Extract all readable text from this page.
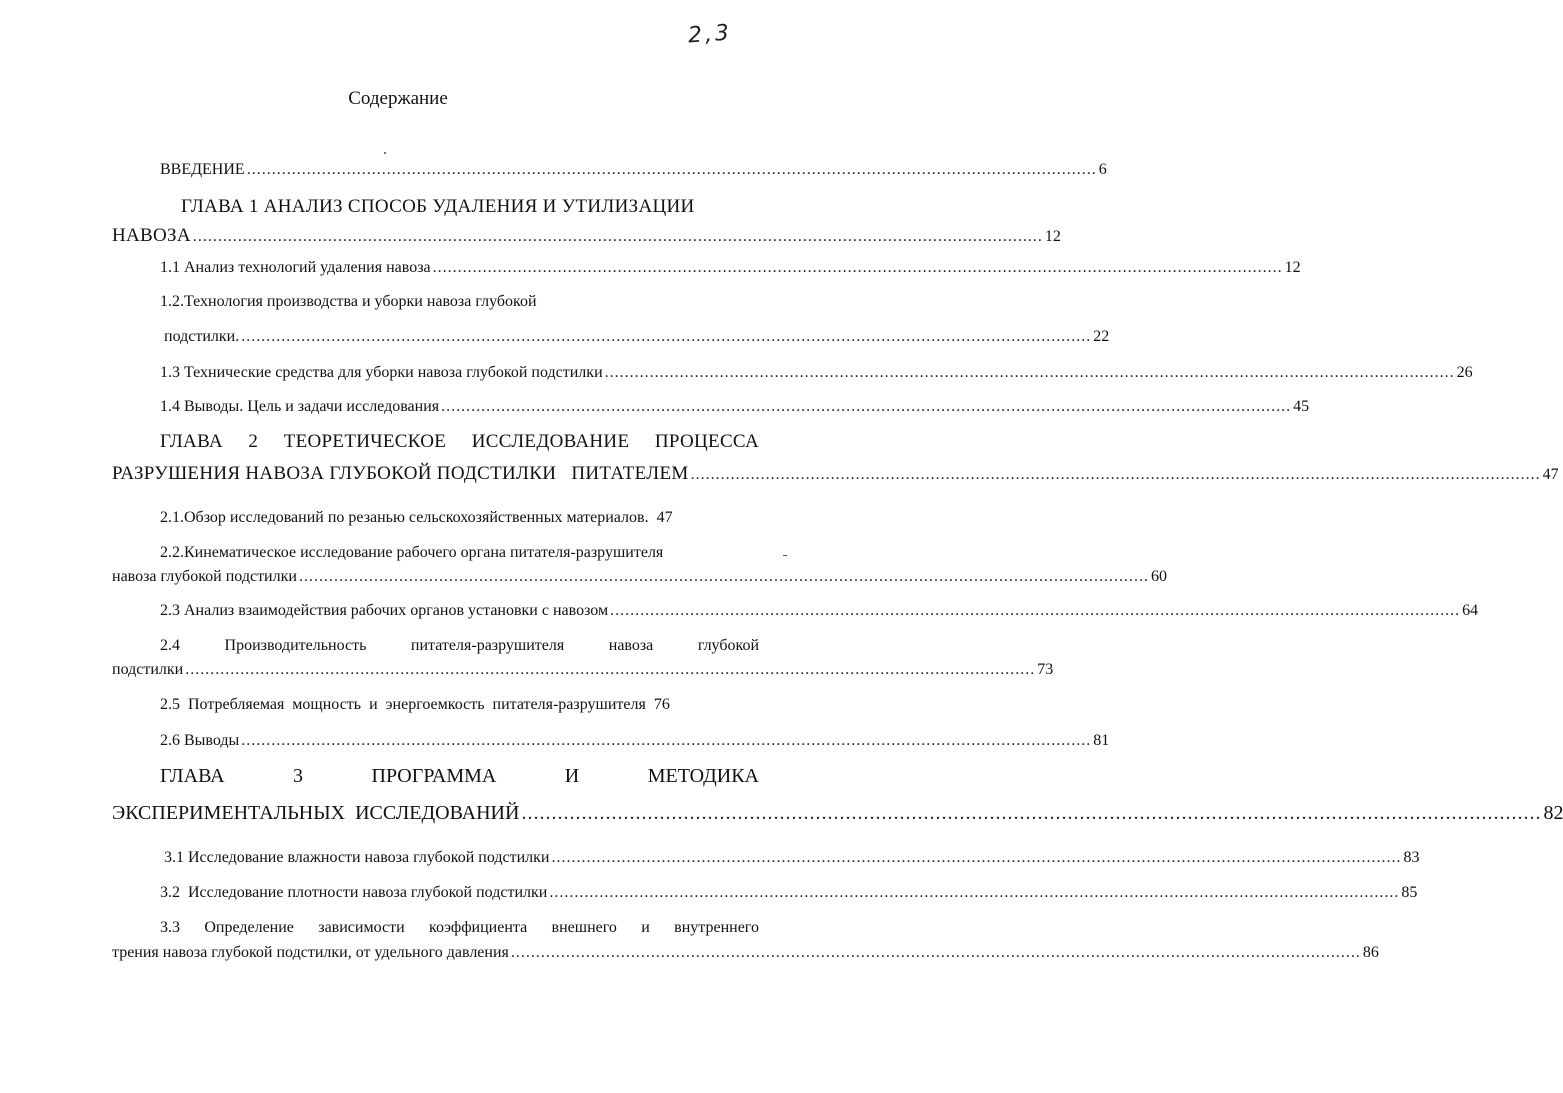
2,3
Содержание
ВВЕДЕНИЕ .......................................................................................................................................................................... 6
ГЛАВА 1 АНАЛИЗ СПОСОБ УДАЛЕНИЯ И УТИЛИЗАЦИИ
НАВОЗА .......................................................................................................................................................................... 12
1.1 Анализ технологий удаления навоза .......................................................................................................................................................................... 12
1.2.Технология производства и уборки навоза глубокой
подстилки. .......................................................................................................................................................................... 22
1.3 Технические средства для уборки навоза глубокой подстилки .......................................................................................................................................................................... 26
1.4 Выводы. Цель и задачи исследования .......................................................................................................................................................................... 45
ГЛАВА 2 ТЕОРЕТИЧЕСКОЕ ИССЛЕДОВАНИЕ ПРОЦЕССА
РАЗРУШЕНИЯ НАВОЗА ГЛУБОКОЙ ПОДСТИЛКИ   ПИТАТЕЛЕМ .......................................................................................................................................................................... 47
2.1.Обзор исследований по резанью сельскохозяйственных материалов. 47
2.2.Кинематическое исследование рабочего органа питателя-разрушителя
навоза глубокой подстилки .......................................................................................................................................................................... 60
2.3 Анализ взаимодействия рабочих органов установки с навозом .......................................................................................................................................................................... 64
2.4	Производительность	питателя-разрушителя	навоза	глубокой
подстилки .......................................................................................................................................................................... 73
2.5  Потребляемая  мощность  и  энергоемкость  питателя-разрушителя 76
2.6 Выводы .......................................................................................................................................................................... 81
ГЛАВА	3	ПРОГРАММА	И	МЕТОДИКА
ЭКСПЕРИМЕНТАЛЬНЫХ  ИССЛЕДОВАНИЙ .......................................................................................................................................................................... 82
3.1 Исследование влажности навоза глубокой подстилки .......................................................................................................................................................................... 83
3.2  Исследование плотности навоза глубокой подстилки .......................................................................................................................................................................... 85
3.3 Определение зависимости коэффициента внешнего и внутреннего
трения навоза глубокой подстилки, от удельного давления .......................................................................................................................................................................... 86
